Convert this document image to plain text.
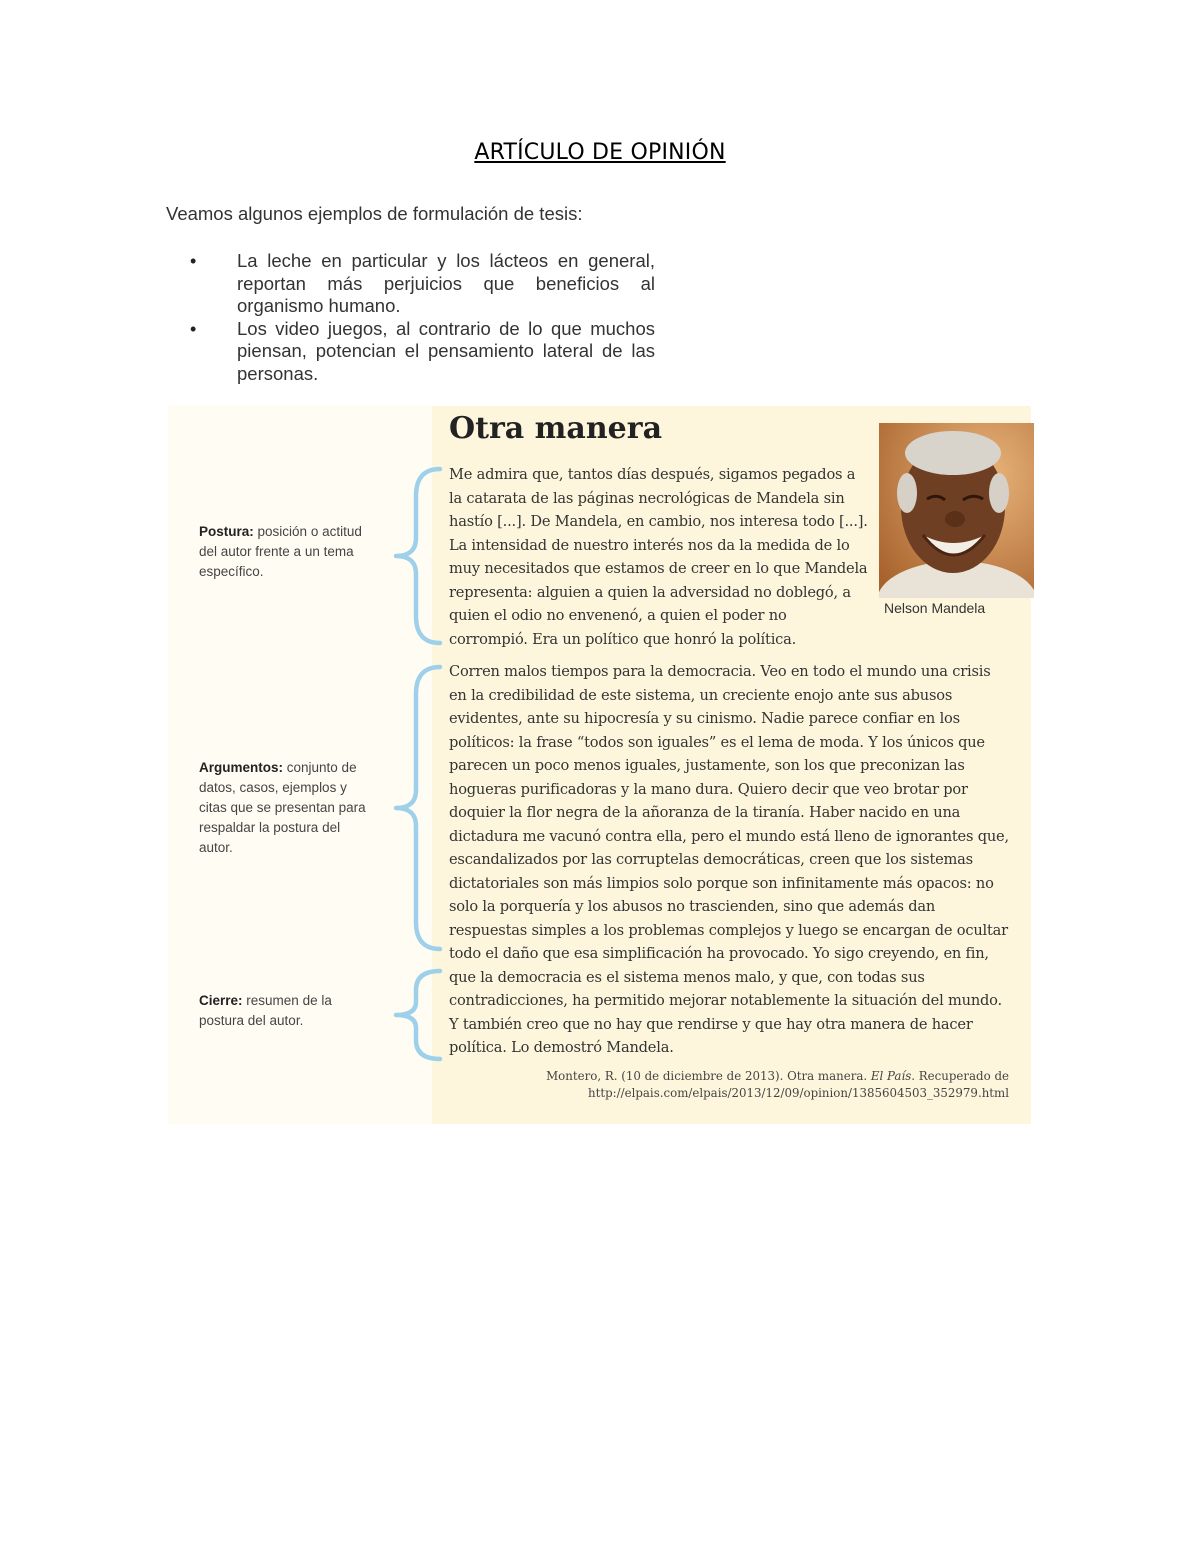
ARTÍCULO DE OPINIÓN
Veamos algunos ejemplos de formulación de tesis:
• La leche en particular y los lácteos en general, reportan más perjuicios que beneficios al organismo humano.
• Los video juegos, al contrario de lo que muchos piensan, potencian el pensamiento lateral de las personas.
Otra manera

Me admira que, tantos días después, sigamos pegados a la catarata de las páginas necrológicas de Mandela sin hastío [...]. De Mandela, en cambio, nos interesa todo [...]. La intensidad de nuestro interés nos da la medida de lo muy necesitados que estamos de creer en lo que Mandela representa: alguien a quien la adversidad no doblegó, a quien el odio no envenenó, a quien el poder no corrompió. Era un político que honró la política.

Nelson Mandela
Postura: posición o actitud del autor frente a un tema específico.
Argumentos: conjunto de datos, casos, ejemplos y citas que se presentan para respaldar la postura del autor.
Cierre: resumen de la postura del autor.

Corren malos tiempos para la democracia. Veo en todo el mundo una crisis en la credibilidad de este sistema, un creciente enojo ante sus abusos evidentes, ante su hipocresía y su cinismo. Nadie parece confiar en los políticos: la frase “todos son iguales” es el lema de moda. Y los únicos que parecen un poco menos iguales, justamente, son los que preconizan las hogueras purificadoras y la mano dura. Quiero decir que veo brotar por doquier la flor negra de la añoranza de la tiranía. Haber nacido en una dictadura me vacunó contra ella, pero el mundo está lleno de ignorantes que, escandalizados por las corruptelas democráticas, creen que los sistemas dictatoriales son más limpios solo porque son infinitamente más opacos: no solo la porquería y los abusos no trascienden, sino que además dan respuestas simples a los problemas complejos y luego se encargan de ocultar todo el daño que esa simplificación ha provocado. Yo sigo creyendo, en fin, que la democracia es el sistema menos malo, y que, con todas sus contradicciones, ha permitido mejorar notablemente la situación del mundo. Y también creo que no hay que rendirse y que hay otra manera de hacer política. Lo demostró Mandela.

Montero, R. (10 de diciembre de 2013). Otra manera. El País. Recuperado de
http://elpais.com/elpais/2013/12/09/opinion/1385604503_352979.html
